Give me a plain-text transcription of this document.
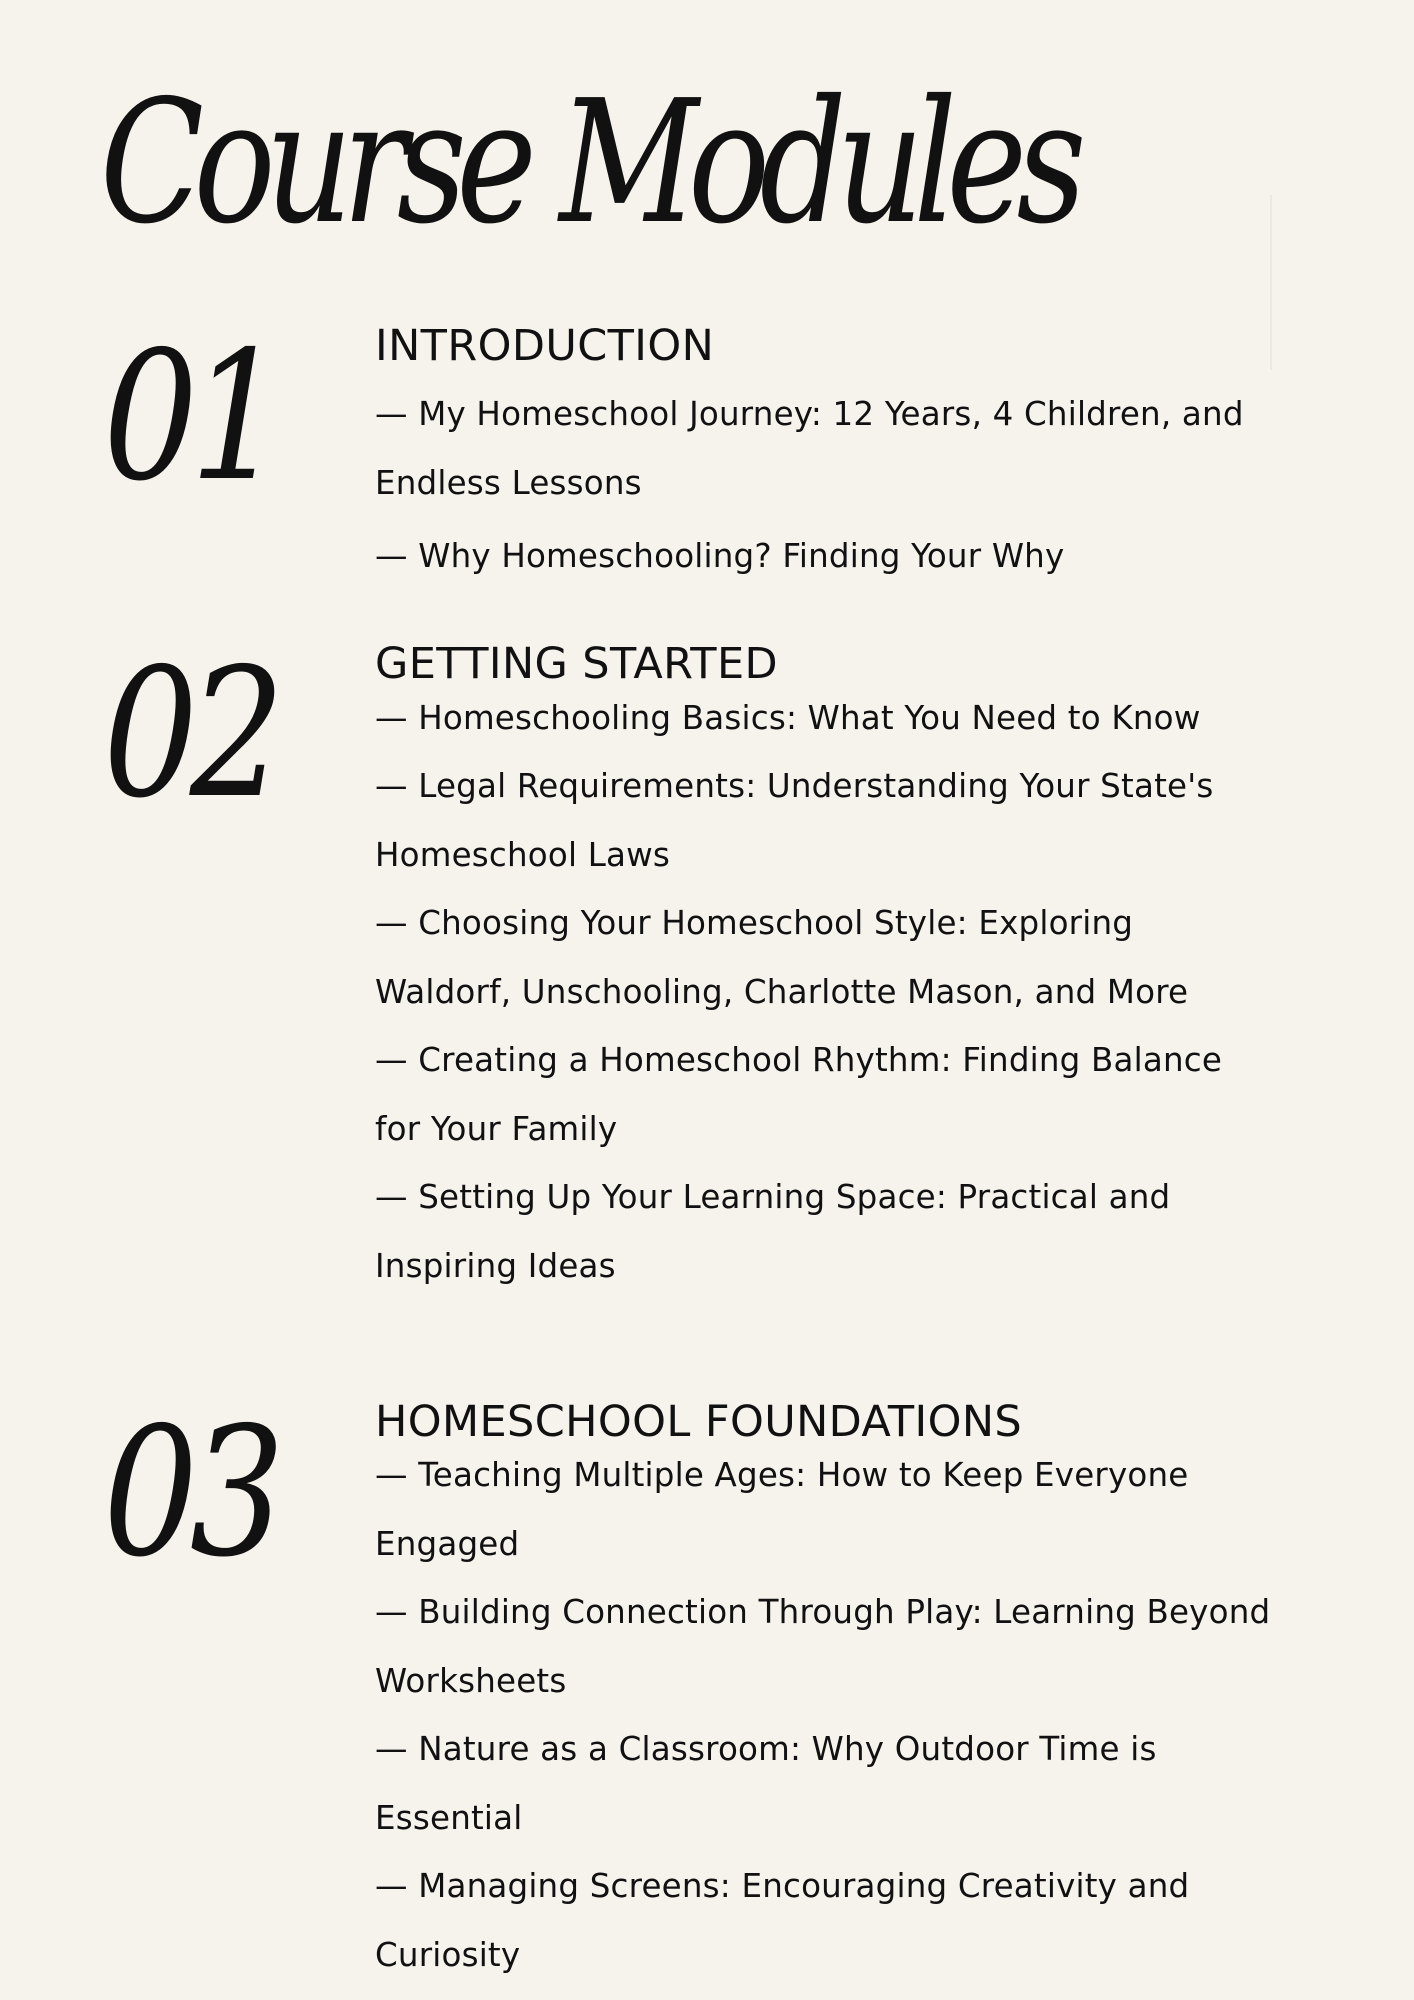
Course Modules
01 INTRODUCTION
— My Homeschool Journey: 12 Years, 4 Children, and Endless Lessons
— Why Homeschooling? Finding Your Why
02 GETTING STARTED
— Homeschooling Basics: What You Need to Know
— Legal Requirements: Understanding Your State's Homeschool Laws
— Choosing Your Homeschool Style: Exploring Waldorf, Unschooling, Charlotte Mason, and More
— Creating a Homeschool Rhythm: Finding Balance for Your Family
— Setting Up Your Learning Space: Practical and Inspiring Ideas
03 HOMESCHOOL FOUNDATIONS
— Teaching Multiple Ages: How to Keep Everyone Engaged
— Building Connection Through Play: Learning Beyond Worksheets
— Nature as a Classroom: Why Outdoor Time is Essential
— Managing Screens: Encouraging Creativity and Curiosity
